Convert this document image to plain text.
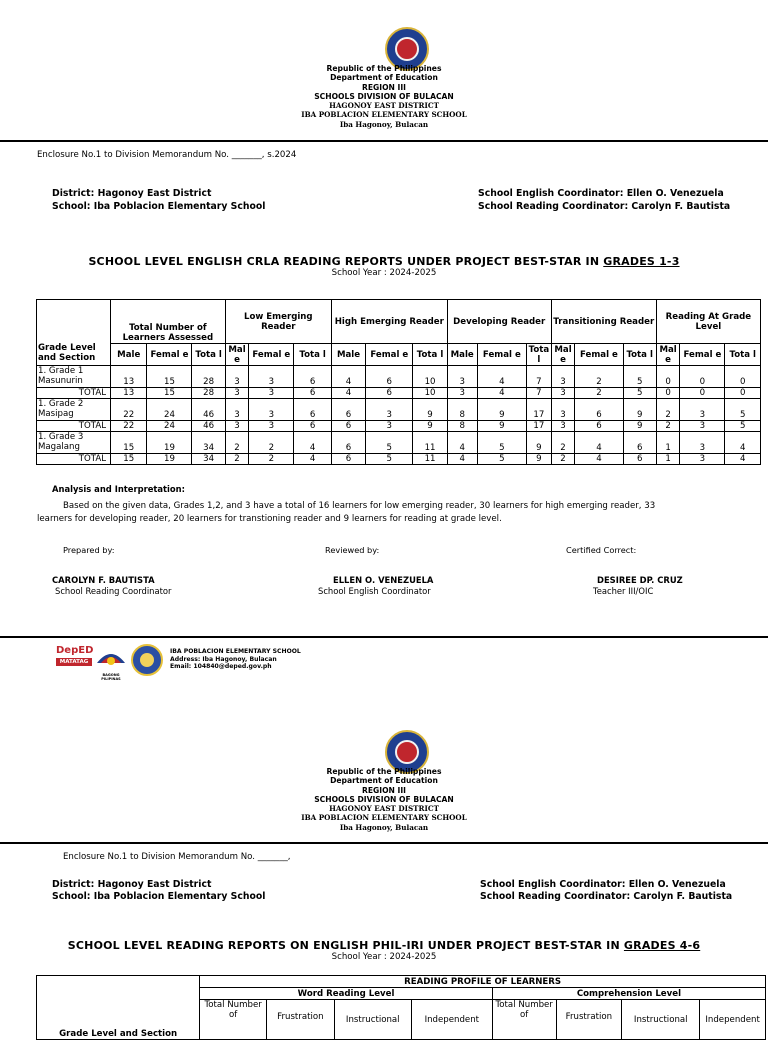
Republic of the Philippines
Department of Education
REGION III
SCHOOLS DIVISION OF BULACAN
HAGONOY EAST DISTRICT
IBA POBLACION ELEMENTARY SCHOOL
Iba Hagonoy, Bulacan
Enclosure No.1 to Division Memorandum No. _______, s.2024
District: Hagonoy East District
School: Iba Poblacion Elementary School
School English Coordinator: Ellen O. Venezuela
School Reading Coordinator: Carolyn F. Bautista
SCHOOL LEVEL ENGLISH CRLA READING REPORTS UNDER PROJECT BEST-STAR IN GRADES 1-3
School Year : 2024-2025
Grade Level and Section	Total Number of Learners Assessed			Low Emerging Reader			High Emerging Reader			Developing Reader			Transitioning Reader			Reading At Grade Level		
	Male	Femal e	Tota l	Mal e	Femal e	Tota l	Male	Femal e	Tota l	Male	Femal e	Tota l	Mal e	Femal e	Tota l	Mal e	Femal e	Tota l
1. Grade 1 Masunurin	13	15	28	3	3	6	4	6	10	3	4	7	3	2	5	0	0	0
TOTAL	13	15	28	3	3	6	4	6	10	3	4	7	3	2	5	0	0	0
1. Grade 2 Masipag	22	24	46	3	3	6	6	3	9	8	9	17	3	6	9	2	3	5
TOTAL	22	24	46	3	3	6	6	3	9	8	9	17	3	6	9	2	3	5
1. Grade 3 Magalang	15	19	34	2	2	4	6	5	11	4	5	9	2	4	6	1	3	4
TOTAL	15	19	34	2	2	4	6	5	11	4	5	9	2	4	6	1	3	4
Analysis and Interpretation:
Based on the given data, Grades 1,2, and 3 have a total of 16 learners for low emerging reader, 30 learners for high emerging reader, 33
learners for developing reader, 20 learners for transtioning reader and 9 learners for reading at grade level.
Prepared by:	Reviewed by:	Certified Correct:
CAROLYN F. BAUTISTA
School Reading Coordinator
ELLEN O. VENEZUELA
School English Coordinator
DESIREE DP. CRUZ
Teacher III/OIC
DepED
MATATAG
BAGONG PILIPINAS
IBA POBLACION ELEMENTARY SCHOOL
Address: Iba Hagonoy, Bulacan
Email: 104840@deped.gov.ph
Republic of the Philippines
Department of Education
REGION III
SCHOOLS DIVISION OF BULACAN
HAGONOY EAST DISTRICT
IBA POBLACION ELEMENTARY SCHOOL
Iba Hagonoy, Bulacan
Enclosure No.1 to Division Memorandum No. _______,
District: Hagonoy East District
School: Iba Poblacion Elementary School
School English Coordinator: Ellen O. Venezuela
School Reading Coordinator: Carolyn F. Bautista
SCHOOL LEVEL READING REPORTS ON ENGLISH PHIL-IRI UNDER PROJECT BEST-STAR IN GRADES 4-6
School Year : 2024-2025
Grade Level and Section	READING PROFILE OF LEARNERS							
	Word Reading Level				Comprehension Level			
	Total Number of	Frustration	Instructional	Independent	Total Number of	Frustration	Instructional	Independent
